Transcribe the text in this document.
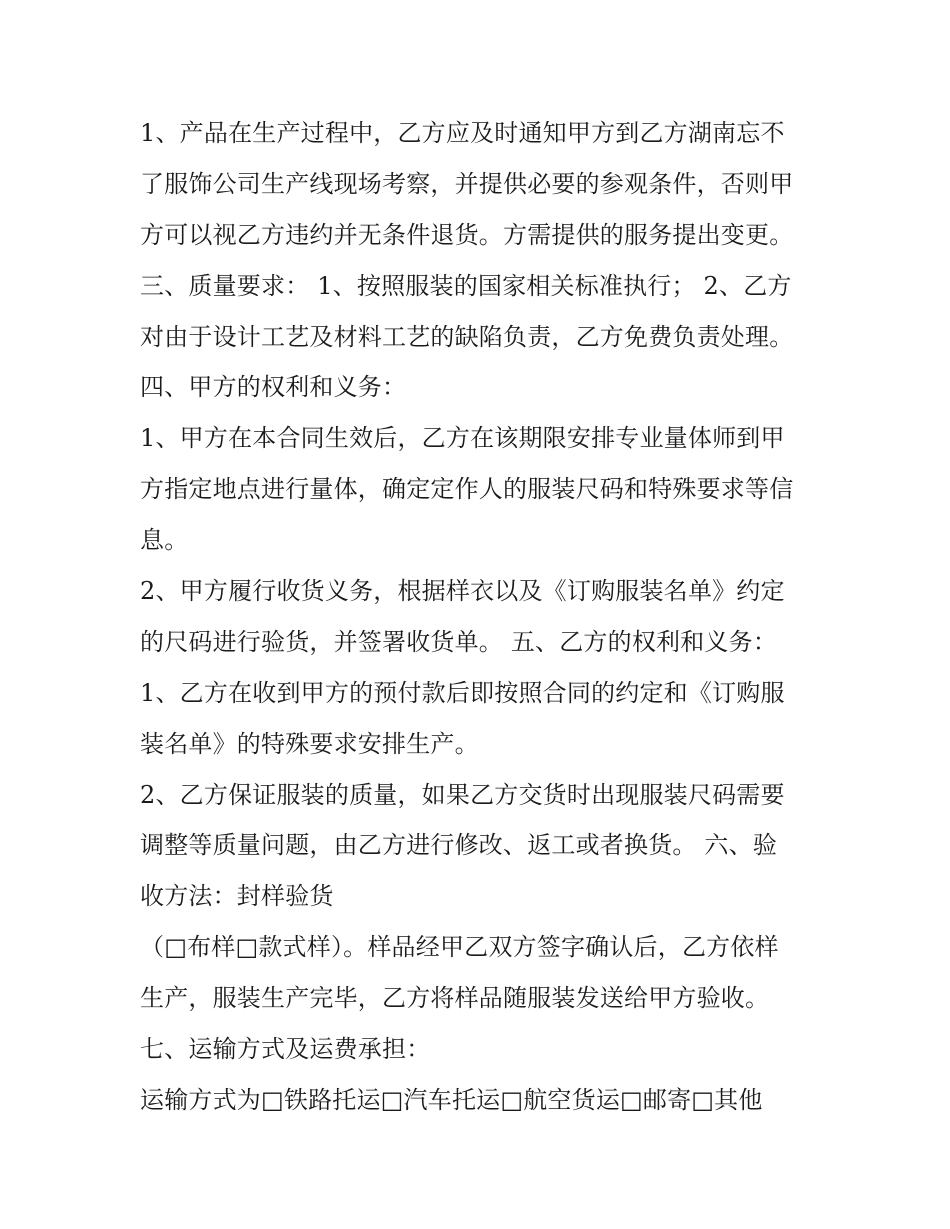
1、产品在生产过程中，乙方应及时通知甲方到乙方湖南忘不
了服饰公司生产线现场考察，并提供必要的参观条件，否则甲
方可以视乙方违约并无条件退货。方需提供的服务提出变更。
三、质量要求： 1、按照服装的国家相关标准执行； 2、乙方
对由于设计工艺及材料工艺的缺陷负责，乙方免费负责处理。
四、甲方的权利和义务：
1、甲方在本合同生效后，乙方在该期限安排专业量体师到甲
方指定地点进行量体，确定定作人的服装尺码和特殊要求等信
息。
2、甲方履行收货义务，根据样衣以及《订购服装名单》约定
的尺码进行验货，并签署收货单。 五、乙方的权利和义务：
1、乙方在收到甲方的预付款后即按照合同的约定和《订购服
装名单》的特殊要求安排生产。
2、乙方保证服装的质量，如果乙方交货时出现服装尺码需要
调整等质量问题，由乙方进行修改、返工或者换货。 六、验
收方法：封样验货
（□布样□款式样）。样品经甲乙双方签字确认后，乙方依样
生产，服装生产完毕，乙方将样品随服装发送给甲方验收。
七、运输方式及运费承担：
运输方式为□铁路托运□汽车托运□航空货运□邮寄□其他
